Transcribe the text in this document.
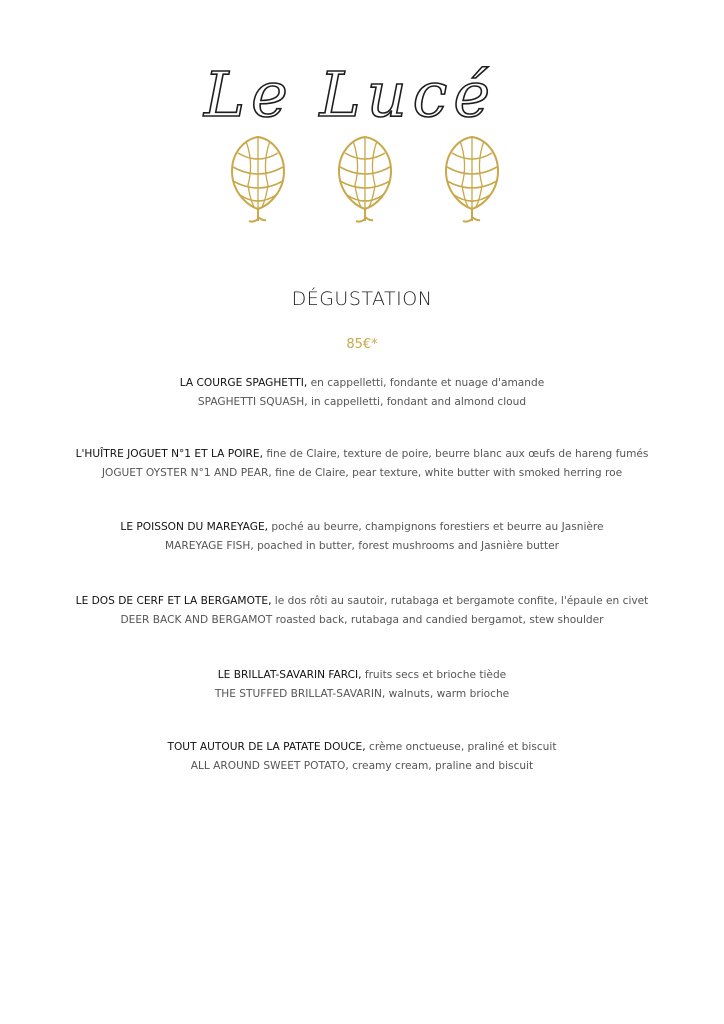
Le Lucé
DÉGUSTATION
85€*
LA COURGE SPAGHETTI, en cappelletti, fondante et nuage d'amande
SPAGHETTI SQUASH, in cappelletti, fondant and almond cloud
L'HUÎTRE JOGUET N°1 ET LA POIRE, fine de Claire, texture de poire, beurre blanc aux œufs de hareng fumés
JOGUET OYSTER N°1 AND PEAR, fine de Claire, pear texture, white butter with smoked herring roe
LE POISSON DU MAREYAGE, poché au beurre, champignons forestiers et beurre au Jasnière
MAREYAGE FISH, poached in butter, forest mushrooms and Jasnière butter
LE DOS DE CERF ET LA BERGAMOTE, le dos rôti au sautoir, rutabaga et bergamote confite, l'épaule en civet
DEER BACK AND BERGAMOT roasted back, rutabaga and candied bergamot, stew shoulder
LE BRILLAT-SAVARIN FARCI, fruits secs et brioche tiède
THE STUFFED BRILLAT-SAVARIN, walnuts, warm brioche
TOUT AUTOUR DE LA PATATE DOUCE, crème onctueuse, praliné et biscuit
ALL AROUND SWEET POTATO, creamy cream, praline and biscuit
